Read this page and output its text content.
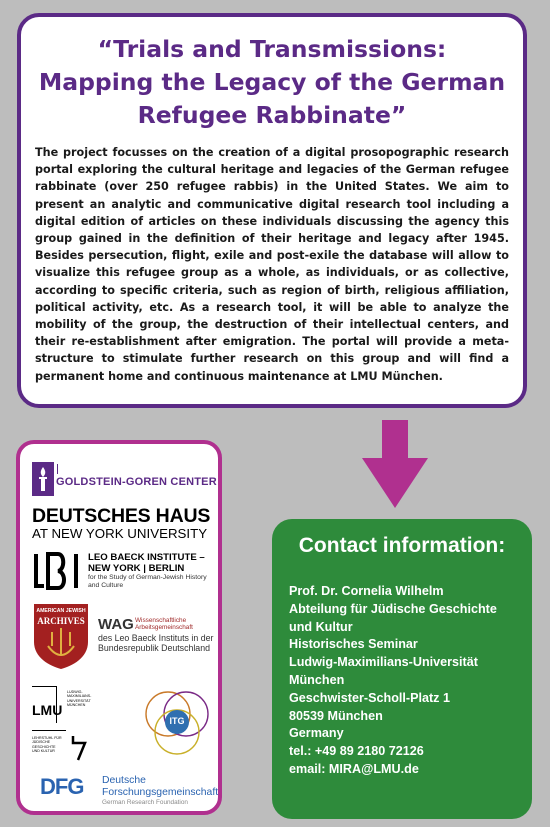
“Trials and Transmissions:
Mapping the Legacy of the German
Refugee Rabbinate”

The project focusses on the creation of a digital prosopographic research portal exploring the cultural heritage and legacies of the German refugee rabbinate (over 250 refugee rabbis) in the United States. We aim to present an analytic and communicative digital research tool including a digital edition of articles on these individuals discussing the agency this group gained in the definition of their heritage and legacy after 1945. Besides persecution, flight, exile and post-exile the database will allow to visualize this refugee group as a whole, as individuals, or as collective, according to specific criteria, such as region of birth, religious affiliation, political activity, etc. As a research tool, it will be able to analyze the mobility of the group, the destruction of their intellectual centers, and their re-establishment after emigration. The portal will provide a meta-structure to stimulate further research on this group and will find a permanent home and continuous maintenance at LMU München.

GOLDSTEIN-GOREN CENTER
DEUTSCHES HAUS
AT NEW YORK UNIVERSITY
LEO BAECK INSTITUTE –
NEW YORK | BERLIN
for the Study of German-Jewish History and Culture
AMERICAN JEWISH
ARCHIVES WAG Wissenschaftliche Arbeitsgemeinschaft
des Leo Baeck Instituts in der Bundesrepublik Deutschland
LMU
LUDWIG-MAXIMILIANS-UNIVERSITÄT MÜNCHEN
LEHRSTUHL FÜR JÜDISCHE GESCHICHTE UND KULTUR
ITG
DFG Deutsche Forschungsgemeinschaft
German Research Foundation
Contact information:
Prof. Dr. Cornelia Wilhelm
Abteilung für Jüdische Geschichte
und Kultur
Historisches Seminar
Ludwig-Maximilians-Universität
München
Geschwister-Scholl-Platz 1
80539 München
Germany
tel.: +49 89 2180 72126
email: MIRA@LMU.de
